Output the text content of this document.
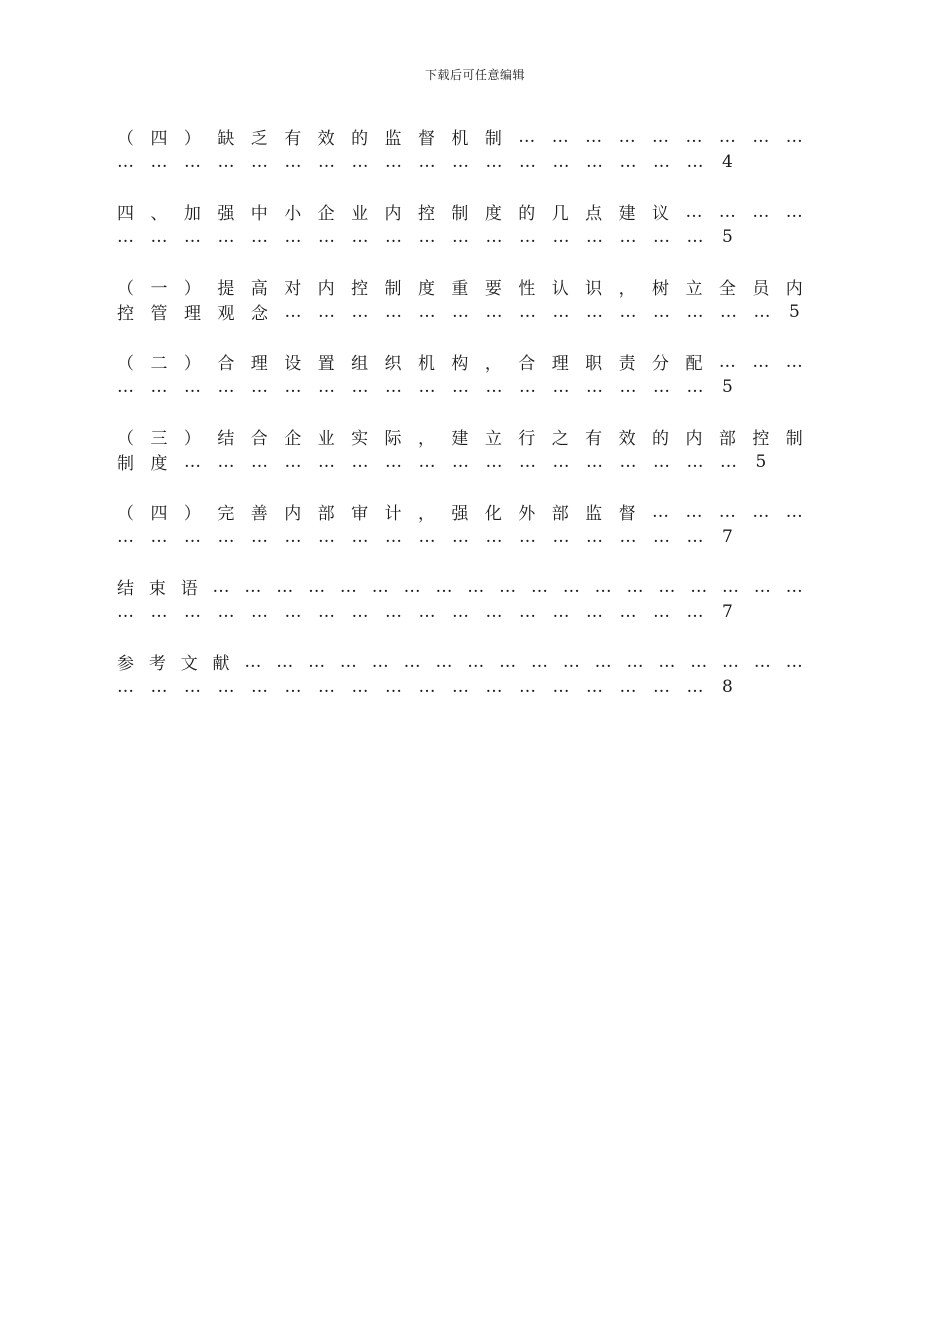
下载后可任意编辑
（ 四 ） 缺 乏 有 效 的 监 督 机 制 … … … … … … … … …
… … … … … … … … … … … … … … … … … …	4
四 、 加 强 中 小 企 业 内 控 制 度 的 几 点 建 议 … … … …
… … … … … … … … … … … … … … … … … …	5
（ 一 ） 提 高 对 内 控 制 度 重 要 性 认 识 ， 树 立 全 员 内
控 管 理 观 念 … … … … … … … … … … … … … … …	5
（ 二 ） 合 理 设 置 组 织 机 构 ， 合 理 职 责 分 配 … … …
… … … … … … … … … … … … … … … … … …	5
（ 三 ） 结 合 企 业 实 际 ， 建 立 行 之 有 效 的 内 部 控 制
制 度 … … … … … … … … … … … … … … … … …	5
（ 四 ） 完 善 内 部 审 计 ， 强 化 外 部 监 督 … … … … …
… … … … … … … … … … … … … … … … … …	7
结 束 语 … … … … … … … … … … … … … … … … … … …
… … … … … … … … … … … … … … … … … …	7
参 考 文 献 … … … … … … … … … … … … … … … … … …
… … … … … … … … … … … … … … … … … …	8
